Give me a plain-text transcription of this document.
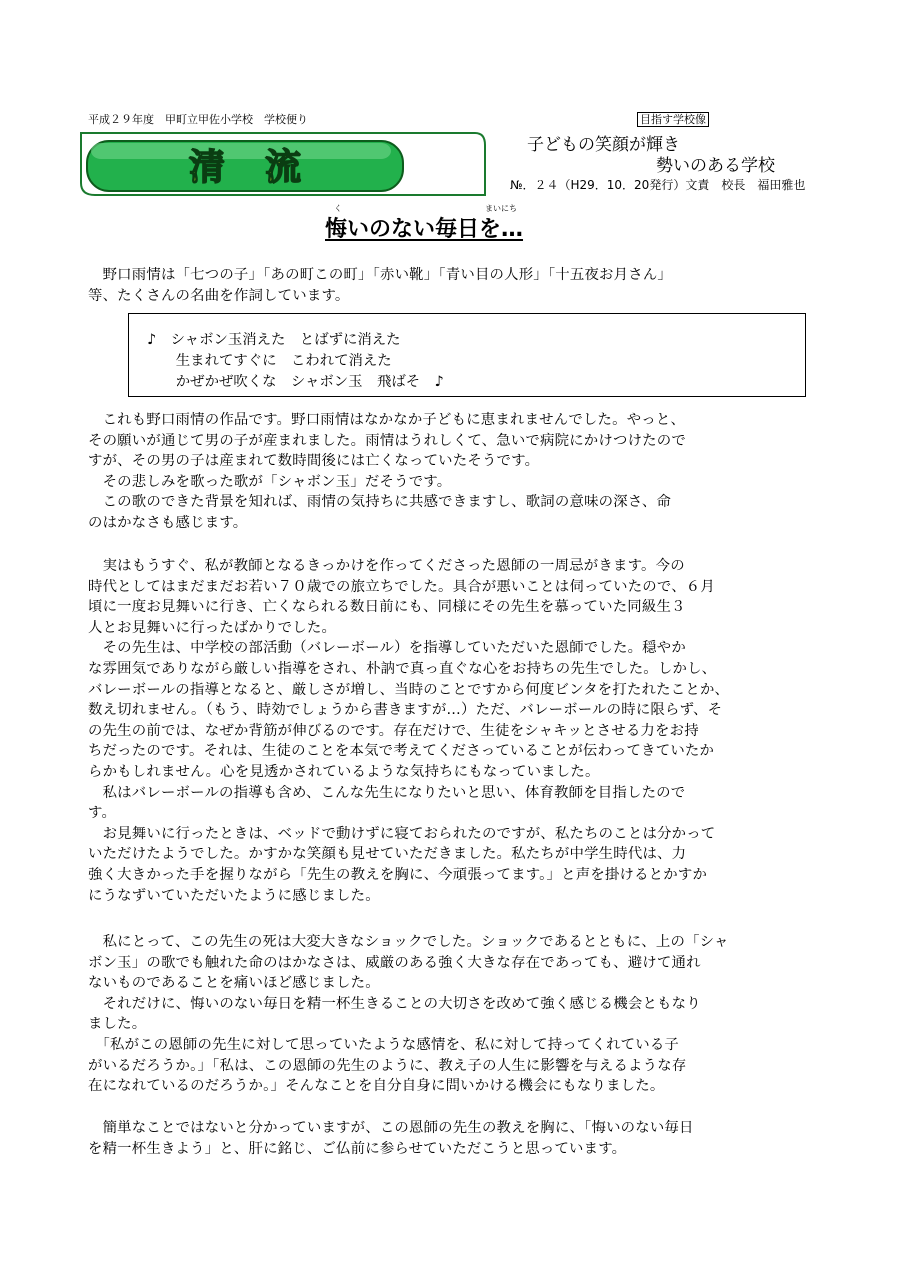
平成２９年度　甲町立甲佐小学校　学校便り
清　流
目指す学校像
子どもの笑顔が輝き
勢いのある学校
№．２４（H29．10．20発行）文責　校長　福田雅也
く	まいにち
悔いのない毎日を…
　野口雨情は「七つの子」「あの町この町」「赤い靴」「青い目の人形」「十五夜お月さん」
等、たくさんの名曲を作詞しています。
♪　シャボン玉消えた　とばずに消えた
　　生まれてすぐに　こわれて消えた
　　かぜかぜ吹くな　シャボン玉　飛ばそ　♪
　これも野口雨情の作品です。野口雨情はなかなか子どもに恵まれませんでした。やっと、
その願いが通じて男の子が産まれました。雨情はうれしくて、急いで病院にかけつけたので
すが、その男の子は産まれて数時間後には亡くなっていたそうです。
　その悲しみを歌った歌が「シャボン玉」だそうです。
　この歌のできた背景を知れば、雨情の気持ちに共感できますし、歌詞の意味の深さ、命
のはかなさも感じます。
　実はもうすぐ、私が教師となるきっかけを作ってくださった恩師の一周忌がきます。今の
時代としてはまだまだお若い７０歳での旅立ちでした。具合が悪いことは伺っていたので、６月
頃に一度お見舞いに行き、亡くなられる数日前にも、同様にその先生を慕っていた同級生３
人とお見舞いに行ったばかりでした。
　その先生は、中学校の部活動（バレーボール）を指導していただいた恩師でした。穏やか
な雰囲気でありながら厳しい指導をされ、朴訥で真っ直ぐな心をお持ちの先生でした。しかし、
バレーボールの指導となると、厳しさが増し、当時のことですから何度ビンタを打たれたことか、
数え切れません。（もう、時効でしょうから書きますが…）ただ、バレーボールの時に限らず、そ
の先生の前では、なぜか背筋が伸びるのです。存在だけで、生徒をシャキッとさせる力をお持
ちだったのです。それは、生徒のことを本気で考えてくださっていることが伝わってきていたか
らかもしれません。心を見透かされているような気持ちにもなっていました。
　私はバレーボールの指導も含め、こんな先生になりたいと思い、体育教師を目指したので
す。
　お見舞いに行ったときは、ベッドで動けずに寝ておられたのですが、私たちのことは分かって
いただけたようでした。かすかな笑顔も見せていただきました。私たちが中学生時代は、力
強く大きかった手を握りながら「先生の教えを胸に、今頑張ってます。」と声を掛けるとかすか
にうなずいていただいたように感じました。
　私にとって、この先生の死は大変大きなショックでした。ショックであるとともに、上の「シャ
ボン玉」の歌でも触れた命のはかなさは、威厳のある強く大きな存在であっても、避けて通れ
ないものであることを痛いほど感じました。
　それだけに、悔いのない毎日を精一杯生きることの大切さを改めて強く感じる機会ともなり
ました。
　「私がこの恩師の先生に対して思っていたような感情を、私に対して持ってくれている子
がいるだろうか。」「私は、この恩師の先生のように、教え子の人生に影響を与えるような存
在になれているのだろうか。」そんなことを自分自身に問いかける機会にもなりました。
　簡単なことではないと分かっていますが、この恩師の先生の教えを胸に、「悔いのない毎日
を精一杯生きよう」と、肝に銘じ、ご仏前に参らせていただこうと思っています。
